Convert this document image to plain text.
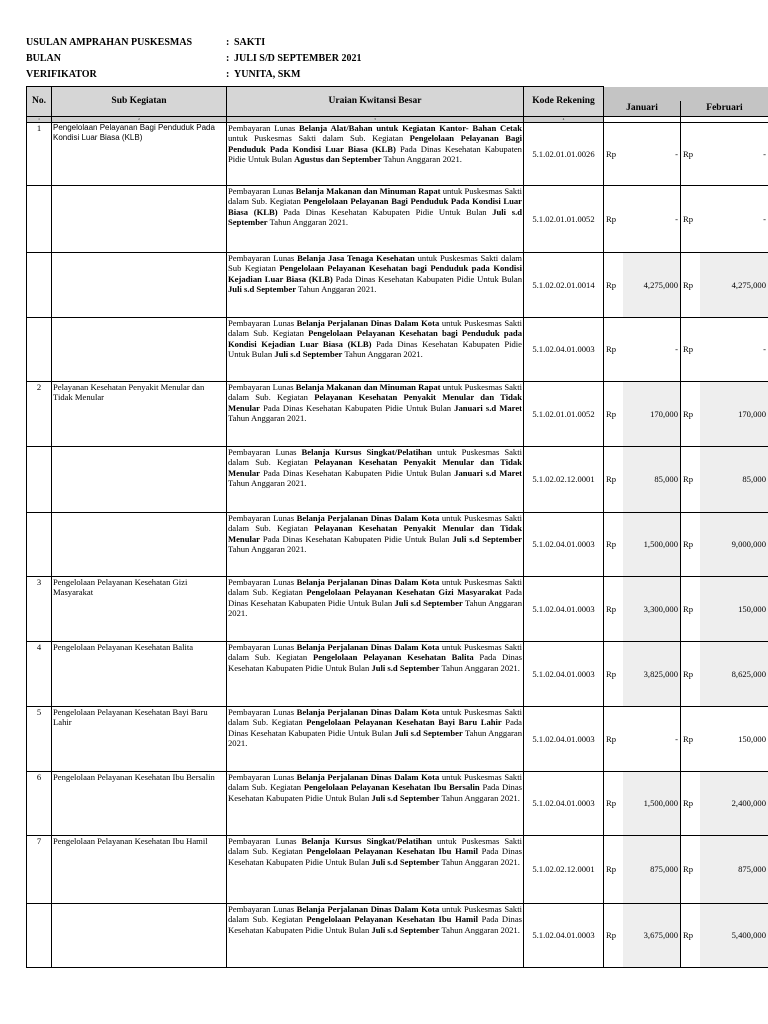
USULAN AMPRAHAN PUSKESMAS	: SAKTI
BULAN	: JULI S/D SEPTEMBER 2021
VERIFIKATOR	: YUNITA, SKM
No.	Sub Kegiatan	Uraian Kwitansi Besar	Kode Rekening				
				Januari		Februari	
1	2	3	4				
1	Pengelolaan Pelayanan Bagi Penduduk Pada Kondisi Luar Biasa (KLB)	Pembayaran Lunas Belanja Alat/Bahan untuk Kegiatan Kantor- Bahan Cetak untuk Puskesmas Sakti dalam Sub. Kegiatan Pengelolaan Pelayanan Bagi Penduduk Pada Kondisi Luar Biasa (KLB) Pada Dinas Kesehatan Kabupaten Pidie Untuk Bulan Agustus dan September Tahun Anggaran 2021.	5.1.02.01.01.0026	Rp	-	Rp	-
		Pembayaran Lunas Belanja Makanan dan Minuman Rapat untuk Puskesmas Sakti dalam Sub. Kegiatan Pengelolaan Pelayanan Bagi Penduduk Pada Kondisi Luar Biasa (KLB) Pada Dinas Kesehatan Kabupaten Pidie Untuk Bulan Juli s.d September Tahun Anggaran 2021.	5.1.02.01.01.0052	Rp	-	Rp	-
		Pembayaran Lunas Belanja Jasa Tenaga Kesehatan untuk Puskesmas Sakti dalam Sub Kegiatan Pengelolaan Pelayanan Kesehatan bagi Penduduk pada Kondisi Kejadian Luar Biasa (KLB) Pada Dinas Kesehatan Kabupaten Pidie Untuk Bulan Juli s.d September Tahun Anggaran 2021.	5.1.02.02.01.0014	Rp	4,275,000	Rp	4,275,000
		Pembayaran Lunas Belanja Perjalanan Dinas Dalam Kota untuk Puskesmas Sakti dalam Sub. Kegiatan Pengelolaan Pelayanan Kesehatan bagi Penduduk pada Kondisi Kejadian Luar Biasa (KLB) Pada Dinas Kesehatan Kabupaten Pidie Untuk Bulan Juli s.d September Tahun Anggaran 2021.	5.1.02.04.01.0003	Rp	-	Rp	-
2	Pelayanan Kesehatan Penyakit Menular dan Tidak Menular	Pembayaran Lunas Belanja Makanan dan Minuman Rapat untuk Puskesmas Sakti dalam Sub. Kegiatan Pelayanan Kesehatan Penyakit Menular dan Tidak Menular Pada Dinas Kesehatan Kabupaten Pidie Untuk Bulan Januari s.d Maret Tahun Anggaran 2021.	5.1.02.01.01.0052	Rp	170,000	Rp	170,000
		Pembayaran Lunas Belanja Kursus Singkat/Pelatihan untuk Puskesmas Sakti dalam Sub. Kegiatan Pelayanan Kesehatan Penyakit Menular dan Tidak Menular Pada Dinas Kesehatan Kabupaten Pidie Untuk Bulan Januari s.d Maret Tahun Anggaran 2021.	5.1.02.02.12.0001	Rp	85,000	Rp	85,000
		Pembayaran Lunas Belanja Perjalanan Dinas Dalam Kota untuk Puskesmas Sakti dalam Sub. Kegiatan Pelayanan Kesehatan Penyakit Menular dan Tidak Menular Pada Dinas Kesehatan Kabupaten Pidie Untuk Bulan Juli s.d September Tahun Anggaran 2021.	5.1.02.04.01.0003	Rp	1,500,000	Rp	9,000,000
3	Pengelolaan Pelayanan Kesehatan Gizi Masyarakat	Pembayaran Lunas Belanja Perjalanan Dinas Dalam Kota untuk Puskesmas Sakti dalam Sub. Kegiatan Pengelolaan Pelayanan Kesehatan Gizi Masyarakat Pada Dinas Kesehatan Kabupaten Pidie Untuk Bulan Juli s.d September Tahun Anggaran 2021.	5.1.02.04.01.0003	Rp	3,300,000	Rp	150,000
4	Pengelolaan Pelayanan Kesehatan Balita	Pembayaran Lunas Belanja Perjalanan Dinas Dalam Kota untuk Puskesmas Sakti dalam Sub. Kegiatan Pengelolaan Pelayanan Kesehatan Balita Pada Dinas Kesehatan Kabupaten Pidie Untuk Bulan Juli s.d September Tahun Anggaran 2021.	5.1.02.04.01.0003	Rp	3,825,000	Rp	8,625,000
5	Pengelolaan Pelayanan Kesehatan Bayi Baru Lahir	Pembayaran Lunas Belanja Perjalanan Dinas Dalam Kota untuk Puskesmas Sakti dalam Sub. Kegiatan Pengelolaan Pelayanan Kesehatan Bayi Baru Lahir Pada Dinas Kesehatan Kabupaten Pidie Untuk Bulan Juli s.d September Tahun Anggaran 2021.	5.1.02.04.01.0003	Rp	-	Rp	150,000
6	Pengelolaan Pelayanan Kesehatan Ibu Bersalin	Pembayaran Lunas Belanja Perjalanan Dinas Dalam Kota untuk Puskesmas Sakti dalam Sub. Kegiatan Pengelolaan Pelayanan Kesehatan Ibu Bersalin Pada Dinas Kesehatan Kabupaten Pidie Untuk Bulan Juli s.d September Tahun Anggaran 2021.	5.1.02.04.01.0003	Rp	1,500,000	Rp	2,400,000
7	Pengelolaan Pelayanan Kesehatan Ibu Hamil	Pembayaran Lunas Belanja Kursus Singkat/Pelatihan untuk Puskesmas Sakti dalam Sub. Kegiatan Pengelolaan Pelayanan Kesehatan Ibu Hamil Pada Dinas Kesehatan Kabupaten Pidie Untuk Bulan Juli s.d September Tahun Anggaran 2021.	5.1.02.02.12.0001	Rp	875,000	Rp	875,000
		Pembayaran Lunas Belanja Perjalanan Dinas Dalam Kota untuk Puskesmas Sakti dalam Sub. Kegiatan Pengelolaan Pelayanan Kesehatan Ibu Hamil Pada Dinas Kesehatan Kabupaten Pidie Untuk Bulan Juli s.d September Tahun Anggaran 2021.	5.1.02.04.01.0003	Rp	3,675,000	Rp	5,400,000
